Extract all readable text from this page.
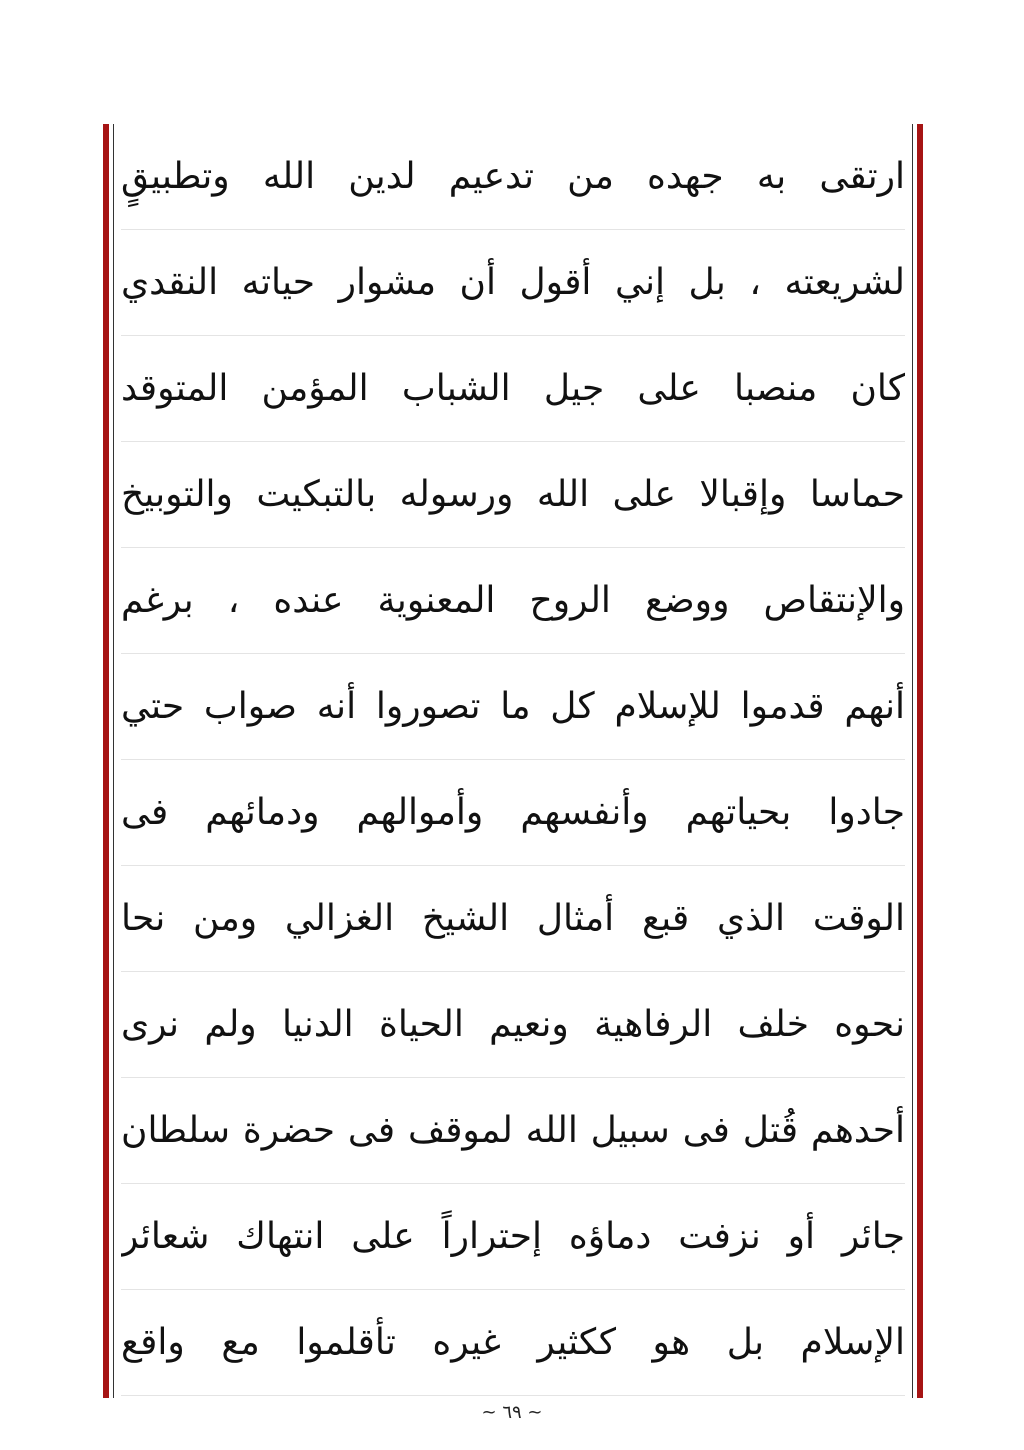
ارتقى به جهده من تدعيم لدين الله وتطبيقٍ
لشريعته ، بل إني أقول أن مشوار حياته النقدي
كان منصبا على جيل الشباب المؤمن المتوقد
حماسا وإقبالا على الله ورسوله بالتبكيت والتوبيخ
والإنتقاص ووضع الروح المعنوية عنده ، برغم
أنهم قدموا للإسلام كل ما تصوروا أنه صواب حتي
جادوا بحياتهم وأنفسهم وأموالهم ودمائهم فى
الوقت الذي قبع أمثال الشيخ الغزالي ومن نحا
نحوه خلف الرفاهية ونعيم الحياة الدنيا ولم نرى
أحدهم قُتل فى سبيل الله لموقف فى حضرة سلطان
جائر أو نزفت دماؤه إحتراراً على انتهاك شعائر
الإسلام بل هو ككثير غيره تأقلموا مع واقع
~ ٦٩ ~
